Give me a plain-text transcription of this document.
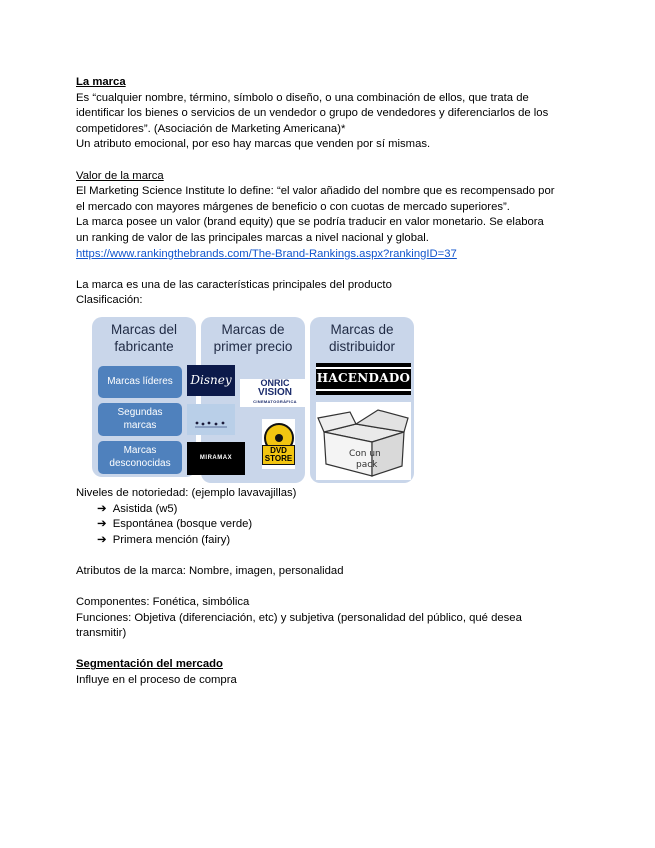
La marca

Es “cualquier nombre, término, símbolo o diseño, o una combinación de ellos, que trata de

identificar los bienes o servicios de un vendedor o grupo de vendedores y diferenciarlos de los

competidores”. (Asociación de Marketing Americana)*

Un atributo emocional, por eso hay marcas que venden por sí mismas.

Valor de la marca

El Marketing Science Institute lo define: “el valor añadido del nombre que es recompensado por

el mercado con mayores márgenes de beneficio o con cuotas de mercado superiores”.

La marca posee un valor (brand equity) que se podría traducir en valor monetario. Se elabora

un ranking de valor de las principales marcas a nivel nacional y global.

https://www.rankingthebrands.com/The-Brand-Rankings.aspx?rankingID=37

La marca es una de las características principales del producto

Clasificación:

Marcas del
fabricante
Marcas de
primer precio
Marcas de
distribuidor
Marcas líderes
Segundas
marcas
Marcas
desconocidas
Disney
MIRAMAX
ONRIC
VISION
CINEMATOGRÁFICA
DVD
STORE
HACENDADO
Con un
pack

Niveles de notoriedad: (ejemplo lavavajillas)

➔ Asistida (w5)

➔ Espontánea (bosque verde)

➔ Primera mención (fairy)

Atributos de la marca: Nombre, imagen, personalidad

Componentes: Fonética, simbólica

Funciones: Objetiva (diferenciación, etc) y subjetiva (personalidad del público, qué desea

transmitir)

Segmentación del mercado

Influye en el proceso de compra
